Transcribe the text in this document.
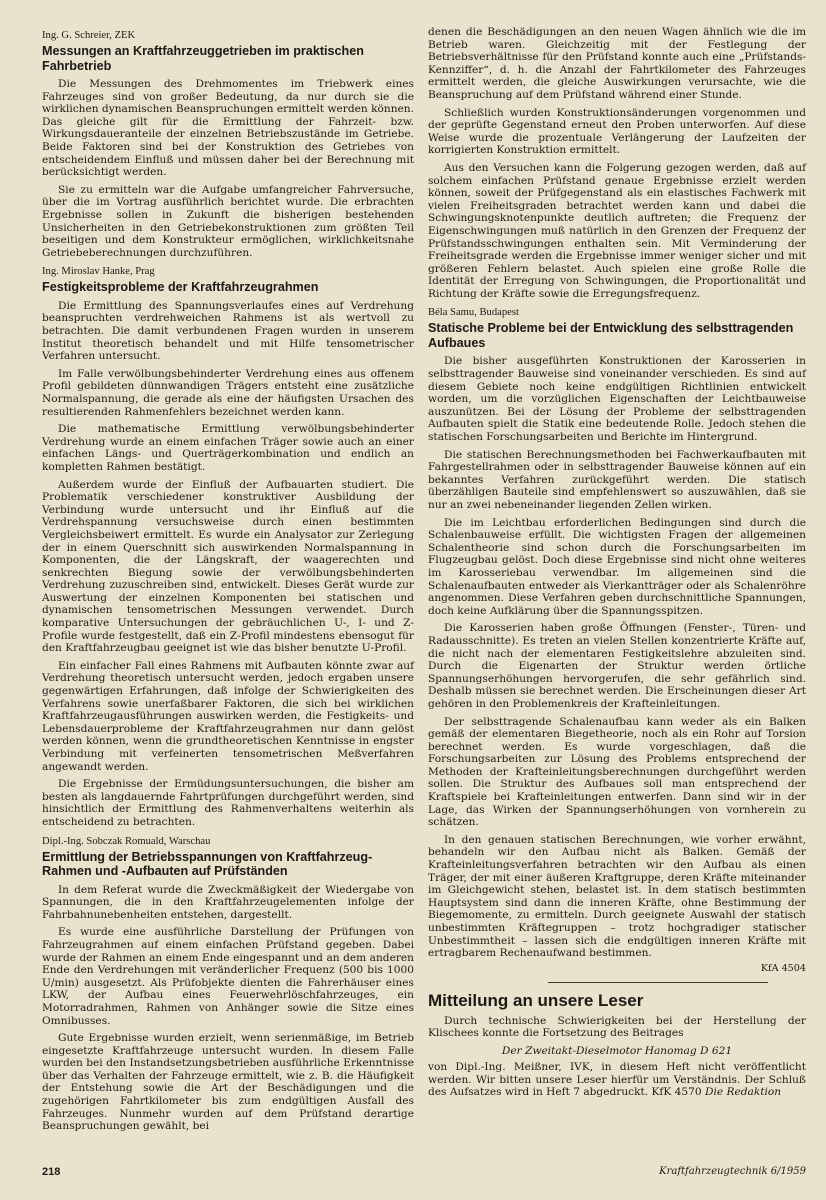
Ing. G. Schreier, ZEK
Messungen an Kraftfahrzeuggetrieben im praktischen Fahrbetrieb

Die Messungen des Drehmomentes im Triebwerk eines Fahrzeuges sind von großer Bedeutung, da nur durch sie die wirklichen dynamischen Beanspruchungen ermittelt werden können. Das gleiche gilt für die Ermittlung der Fahrzeit- bzw. Wirkungsdaueranteile der einzelnen Betriebszustände im Getriebe. Beide Faktoren sind bei der Konstruktion des Getriebes von entscheidendem Einfluß und müssen daher bei der Berechnung mit berücksichtigt werden.

Sie zu ermitteln war die Aufgabe umfangreicher Fahrversuche, über die im Vortrag ausführlich berichtet wurde. Die erbrachten Ergebnisse sollen in Zukunft die bisherigen bestehenden Unsicherheiten in den Getriebekonstruktionen zum größten Teil beseitigen und dem Konstrukteur ermöglichen, wirklichkeitsnahe Getriebeberechnungen durchzuführen.

Ing. Miroslav Hanke, Prag
Festigkeitsprobleme der Kraftfahrzeugrahmen

Die Ermittlung des Spannungsverlaufes eines auf Verdrehung beanspruchten verdrehweichen Rahmens ist als wertvoll zu betrachten. Die damit verbundenen Fragen wurden in unserem Institut theoretisch behandelt und mit Hilfe tensometrischer Verfahren untersucht.

Im Falle verwölbungsbehinderter Verdrehung eines aus offenem Profil gebildeten dünnwandigen Trägers entsteht eine zusätzliche Normalspannung, die gerade als eine der häufigsten Ursachen des resultierenden Rahmenfehlers bezeichnet werden kann.

Die mathematische Ermittlung verwölbungsbehinderter Verdrehung wurde an einem einfachen Träger sowie auch an einer einfachen Längs- und Querträgerkombination und endlich an kompletten Rahmen bestätigt.

Außerdem wurde der Einfluß der Aufbauarten studiert. Die Problematik verschiedener konstruktiver Ausbildung der Verbindung wurde untersucht und ihr Einfluß auf die Verdrehspannung versuchsweise durch einen bestimmten Vergleichsbeiwert ermittelt. Es wurde ein Analysator zur Zerlegung der in einem Querschnitt sich auswirkenden Normalspannung in Komponenten, die der Längskraft, der waagerechten und senkrechten Biegung sowie der verwölbungsbehinderten Verdrehung zuzuschreiben sind, entwickelt. Dieses Gerät wurde zur Auswertung der einzelnen Komponenten bei statischen und dynamischen tensometrischen Messungen verwendet. Durch komparative Untersuchungen der gebräuchlichen U-, I- und Z-Profile wurde festgestellt, daß ein Z-Profil mindestens ebensogut für den Kraftfahrzeugbau geeignet ist wie das bisher benutzte U-Profil.

Ein einfacher Fall eines Rahmens mit Aufbauten könnte zwar auf Verdrehung theoretisch untersucht werden, jedoch ergaben unsere gegenwärtigen Erfahrungen, daß infolge der Schwierigkeiten des Verfahrens sowie unerfaßbarer Faktoren, die sich bei wirklichen Kraftfahrzeugausführungen auswirken werden, die Festigkeits- und Lebensdauerprobleme der Kraftfahrzeugrahmen nur dann gelöst werden können, wenn die grundtheoretischen Kenntnisse in engster Verbindung mit verfeinerten tensometrischen Meßverfahren angewandt werden.

Die Ergebnisse der Ermüdungsuntersuchungen, die bisher am besten als langdauernde Fahrtprüfungen durchgeführt werden, sind hinsichtlich der Ermittlung des Rahmenverhaltens weiterhin als entscheidend zu betrachten.

Dipl.-Ing. Sobczak Romuald, Warschau
Ermittlung der Betriebsspannungen von Kraftfahrzeug-Rahmen und -Aufbauten auf Prüfständen

In dem Referat wurde die Zweckmäßigkeit der Wiedergabe von Spannungen, die in den Kraftfahrzeugelementen infolge der Fahrbahnunebenheiten entstehen, dargestellt.

Es wurde eine ausführliche Darstellung der Prüfungen von Fahrzeugrahmen auf einem einfachen Prüfstand gegeben. Dabei wurde der Rahmen an einem Ende eingespannt und an dem anderen Ende den Verdrehungen mit veränderlicher Frequenz (500 bis 1000 U/min) ausgesetzt. Als Prüfobjekte dienten die Fahrerhäuser eines LKW, der Aufbau eines Feuerwehrlöschfahrzeuges, ein Motorradrahmen, Rahmen von Anhänger sowie die Sitze eines Omnibusses.

Gute Ergebnisse wurden erzielt, wenn serienmäßige, im Betrieb eingesetzte Kraftfahrzeuge untersucht wurden. In diesem Falle wurden bei den Instandsetzungsbetrieben ausführliche Erkenntnisse über das Verhalten der Fahrzeuge ermittelt, wie z. B. die Häufigkeit der Entstehung sowie die Art der Beschädigungen und die zugehörigen Fahrtkilometer bis zum endgültigen Ausfall des Fahrzeuges. Nunmehr wurden auf dem Prüfstand derartige Beanspruchungen gewählt, bei

denen die Beschädigungen an den neuen Wagen ähnlich wie die im Betrieb waren. Gleichzeitig mit der Festlegung der Betriebsverhältnisse für den Prüfstand konnte auch eine „Prüfstands-Kennziffer“, d. h. die Anzahl der Fahrtkilometer des Fahrzeuges ermittelt werden, die gleiche Auswirkungen verursachte, wie die Beanspruchung auf dem Prüfstand während einer Stunde.

Schließlich wurden Konstruktionsänderungen vorgenommen und der geprüfte Gegenstand erneut den Proben unterworfen. Auf diese Weise wurde die prozentuale Verlängerung der Laufzeiten der korrigierten Konstruktion ermittelt.

Aus den Versuchen kann die Folgerung gezogen werden, daß auf solchem einfachen Prüfstand genaue Ergebnisse erzielt werden können, soweit der Prüfgegenstand als ein elastisches Fachwerk mit vielen Freiheitsgraden betrachtet werden kann und dabei die Schwingungsknotenpunkte deutlich auftreten; die Frequenz der Eigenschwingungen muß natürlich in den Grenzen der Frequenz der Prüfstandsschwingungen enthalten sein. Mit Verminderung der Freiheitsgrade werden die Ergebnisse immer weniger sicher und mit größeren Fehlern belastet. Auch spielen eine große Rolle die Identität der Erregung von Schwingungen, die Proportionalität und Richtung der Kräfte sowie die Erregungsfrequenz.

Béla Samu, Budapest
Statische Probleme bei der Entwicklung des selbsttragenden Aufbaues

Die bisher ausgeführten Konstruktionen der Karosserien in selbsttragender Bauweise sind voneinander verschieden. Es sind auf diesem Gebiete noch keine endgültigen Richtlinien entwickelt worden, um die vorzüglichen Eigenschaften der Leichtbauweise auszunützen. Bei der Lösung der Probleme der selbsttragenden Aufbauten spielt die Statik eine bedeutende Rolle. Jedoch stehen die statischen Forschungsarbeiten und Berichte im Hintergrund.

Die statischen Berechnungsmethoden bei Fachwerkaufbauten mit Fahrgestellrahmen oder in selbsttragender Bauweise können auf ein bekanntes Verfahren zurückgeführt werden. Die statisch überzähligen Bauteile sind empfehlenswert so auszuwählen, daß sie nur an zwei nebeneinander liegenden Zellen wirken.

Die im Leichtbau erforderlichen Bedingungen sind durch die Schalenbauweise erfüllt. Die wichtigsten Fragen der allgemeinen Schalentheorie sind schon durch die Forschungsarbeiten im Flugzeugbau gelöst. Doch diese Ergebnisse sind nicht ohne weiteres im Karosseriebau verwendbar. Im allgemeinen sind die Schalenaufbauten entweder als Vierkantträger oder als Schalenröhre angenommen. Diese Verfahren geben durchschnittliche Spannungen, doch keine Aufklärung über die Spannungsspitzen.

Die Karosserien haben große Öffnungen (Fenster-, Türen- und Radausschnitte). Es treten an vielen Stellen konzentrierte Kräfte auf, die nicht nach der elementaren Festigkeitslehre abzuleiten sind. Durch die Eigenarten der Struktur werden örtliche Spannungserhöhungen hervorgerufen, die sehr gefährlich sind. Deshalb müssen sie berechnet werden. Die Erscheinungen dieser Art gehören in den Problemenkreis der Krafteinleitungen.

Der selbsttragende Schalenaufbau kann weder als ein Balken gemäß der elementaren Biegetheorie, noch als ein Rohr auf Torsion berechnet werden. Es wurde vorgeschlagen, daß die Forschungsarbeiten zur Lösung des Problems entsprechend der Methoden der Krafteinleitungsberechnungen durchgeführt werden sollen. Die Struktur des Aufbaues soll man entsprechend der Kraftspiele bei Krafteinleitungen entwerfen. Dann sind wir in der Lage, das Wirken der Spannungserhöhungen von vornherein zu schätzen.

In den genauen statischen Berechnungen, wie vorher erwähnt, behandeln wir den Aufbau nicht als Balken. Gemäß der Krafteinleitungsverfahren betrachten wir den Aufbau als einen Träger, der mit einer äußeren Kraftgruppe, deren Kräfte miteinander im Gleichgewicht stehen, belastet ist. In dem statisch bestimmten Hauptsystem sind dann die inneren Kräfte, ohne Bestimmung der Biegemomente, zu ermitteln. Durch geeignete Auswahl der statisch unbestimmten Kräftegruppen – trotz hochgradiger statischer Unbestimmtheit – lassen sich die endgültigen inneren Kräfte mit ertragbarem Rechenaufwand bestimmen.

KfA 4504
Mitteilung an unsere Leser

Durch technische Schwierigkeiten bei der Herstellung der Klischees konnte die Fortsetzung des Beitrages

Der Zweitakt-Dieselmotor Hanomag D 621

von Dipl.-Ing. Meißner, IVK, in diesem Heft nicht veröffentlicht werden. Wir bitten unsere Leser hierfür um Verständnis. Der Schluß des Aufsatzes wird in Heft 7 abgedruckt. KfK 4570 Die Redaktion

218	Kraftfahrzeugtechnik 6/1959
